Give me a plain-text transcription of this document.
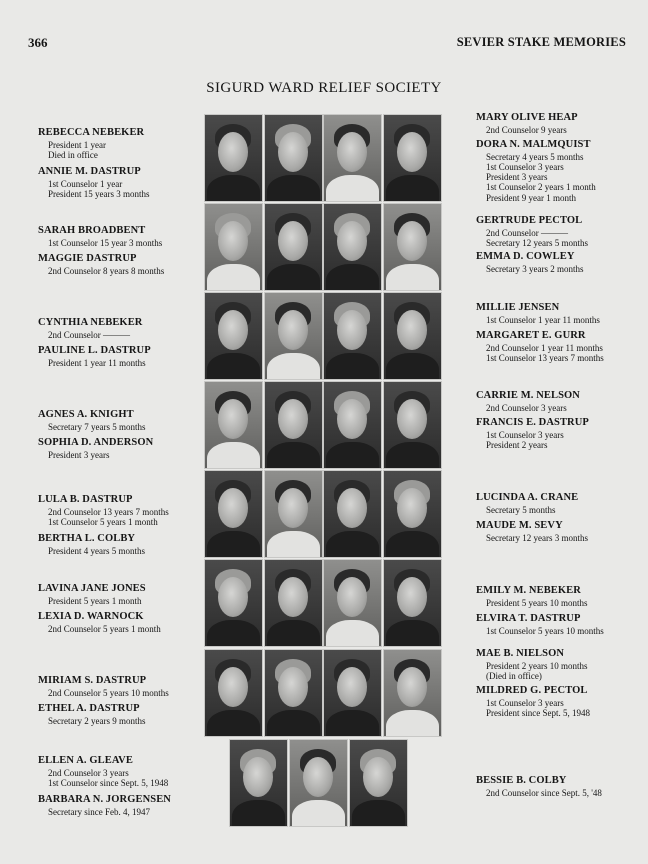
366	SEVIER STAKE MEMORIES
SIGURD WARD RELIEF SOCIETY
REBECCA NEBEKER
President 1 year
Died in office
ANNIE M. DASTRUP
1st Counselor 1 year
President 15 years 3 months
SARAH BROADBENT
1st Counselor 15 year 3 months
MAGGIE DASTRUP
2nd Counselor 8 years 8 months
CYNTHIA NEBEKER
2nd Counselor ———
PAULINE L. DASTRUP
President 1 year 11 months
AGNES A. KNIGHT
Secretary 7 years 5 months
SOPHIA D. ANDERSON
President 3 years
LULA B. DASTRUP
2nd Counselor 13 years 7 months
1st Counselor 5 years 1 month
BERTHA L. COLBY
President 4 years 5 months
LAVINA JANE JONES
President 5 years 1 month
LEXIA D. WARNOCK
2nd Counselor 5 years 1 month
MIRIAM S. DASTRUP
2nd Counselor 5 years 10 months
ETHEL A. DASTRUP
Secretary 2 years 9 months
ELLEN A. GLEAVE
2nd Counselor 3 years
1st Counselor since Sept. 5, 1948
BARBARA N. JORGENSEN
Secretary since Feb. 4, 1947
MARY OLIVE HEAP
2nd Counselor 9 years
DORA N. MALMQUIST
Secretary 4 years 5 months
1st Counselor 3 years
President 3 years
1st Counselor 2 years 1 month
President 9 year 1 month
GERTRUDE PECTOL
2nd Counselor ———
Secretary 12 years 5 months
EMMA D. COWLEY
Secretary 3 years 2 months
MILLIE JENSEN
1st Counselor 1 year 11 months
MARGARET E. GURR
2nd Counselor 1 year 11 months
1st Counselor 13 years 7 months
CARRIE M. NELSON
2nd Counselor 3 years
FRANCIS E. DASTRUP
1st Counselor 3 years
President 2 years
LUCINDA A. CRANE
Secretary 5 months
MAUDE M. SEVY
Secretary 12 years 3 months
EMILY M. NEBEKER
President 5 years 10 months
ELVIRA T. DASTRUP
1st Counselor 5 years 10 months
MAE B. NIELSON
President 2 years 10 months
(Died in office)
MILDRED G. PECTOL
1st Counselor 3 years
President since Sept. 5, 1948
BESSIE B. COLBY
2nd Counselor since Sept. 5, '48
